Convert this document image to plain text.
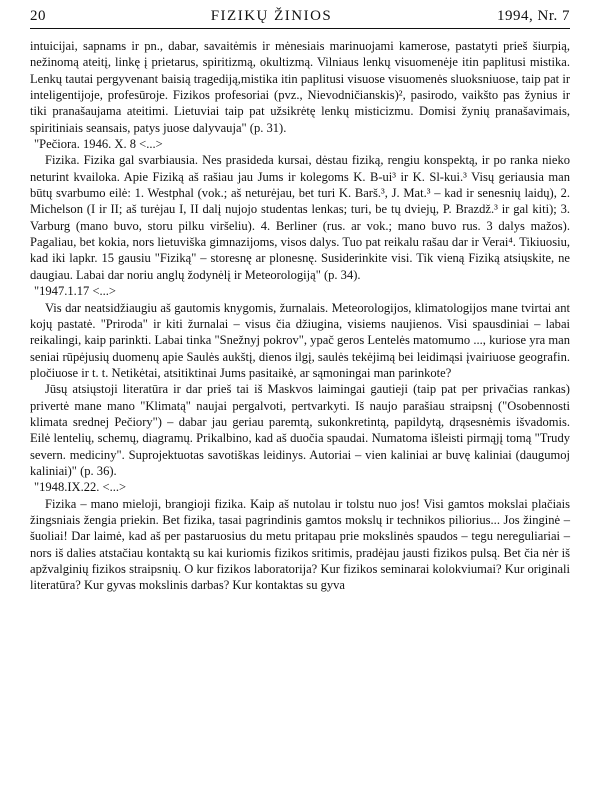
20	FIZIKŲ ŽINIOS	1994, Nr. 7

intuicijai, sapnams ir pn., dabar, savaitėmis ir mėnesiais marinuojami kamerose, pastatyti prieš šiurpią, nežinomą ateitį, linkę į prietarus, spiritizmą, okultizmą. Vilniaus lenkų visuomenėje itin paplitusi mistika. Lenkų tautai pergyvenant baisią tragediją,mistika itin paplitusi visuose visuomenės sluoksniuose, taip pat ir inteligentijoje, profesūroje. Fizikos profesoriai (pvz., Nievodničianskis)², pasirodo, vaikšto pas žynius ir tiki pranašaujama ateitimi. Lietuviai taip pat užsikrėtę lenkų misticizmu. Domisi žynių pranašavimais, spiritiniais seansais, patys juose dalyvauja" (p. 31).

"Pečiora. 1946. X. 8 <...>

Fizika. Fizika gal svarbiausia. Nes prasideda kursai, dėstau fiziką, rengiu konspektą, ir po ranka nieko neturint kvailoka. Apie Fiziką aš rašiau jau Jums ir kolegoms K. B-ui³ ir K. Sl-kui.³ Visų geriausia man būtų svarbumo eilė: 1. Westphal (vok.; aš neturėjau, bet turi K. Barš.³, J. Mat.³ – kad ir senesnių laidų), 2. Michelson (I ir II; aš turėjau I, II dalį nujojo studentas lenkas; turi, be tų dviejų, P. Brazdž.³ ir gal kiti); 3. Varburg (mano buvo, storu pilku viršeliu). 4. Berliner (rus. ar vok.; mano buvo rus. 3 dalys mažos). Pagaliau, bet kokia, nors lietuviška gimnazijoms, visos dalys. Tuo pat reikalu rašau dar ir Veraі⁴. Tikiuosiu, kad iki lapkr. 15 gausiu "Fiziką" – storesnę ar plonesnę. Susiderinkite visi. Tik vieną Fiziką atsiųskite, ne daugiau. Labai dar noriu anglų žodynėlį ir Meteorologiją" (p. 34).

"1947.1.17 <...>

Vis dar neatsidžiaugiu aš gautomis knygomis, žurnalais. Meteorologijos, klimatologijos mane tvirtai ant kojų pastatė. "Priroda" ir kiti žurnalai – visus čia džiugina, visiems naujienos. Visi spausdiniai – labai reikalingi, kaip parinkti. Labai tinka "Snežnyj pokrov", ypač geros Lentelės matomumo ..., kuriose yra man seniai rūpėjusių duomenų apie Saulės aukštį, dienos ilgį, saulės tekėjimą bei leidimąsi įvairiuose geografin. pločiuose ir t. t. Netikėtai, atsitiktinai Jums pasitaikė, ar sąmoningai man parinkote?

Jūsų atsiųstoji literatūra ir dar prieš tai iš Maskvos laimingai gautieji (taip pat per privačias rankas) privertė mane mano "Klimatą" naujai pergalvoti, pertvarkyti. Iš naujo parašiau straipsnį ("Osobennosti klimata srednej Pečiory") – dabar jau geriau paremtą, sukonkretintą, papildytą, drąsesnėmis išvadomis. Eilė lentelių, schemų, diagramų. Prikalbino, kad aš duočia spaudai. Numatoma išleisti pirmąjį tomą "Trudy severn. mediciny". Suprojektuotas savotiškas leidinys. Autoriai – vien kaliniai ar buvę kaliniai (daugumoj kaliniai)" (p. 36).

"1948.IX.22. <...>

Fizika – mano mieloji, brangioji fizika. Kaip aš nutolau ir tolstu nuo jos! Visi gamtos mokslai plačiais žingsniais žengia priekin. Bet fizika, tasai pagrindinis gamtos mokslų ir technikos piliorius... Jos žinginė – šuoliai! Dar laimė, kad aš per pastaruosius du metu pritapau prie mokslinės spaudos – tegu nereguliariai – nors iš dalies atstačiau kontaktą su kai kuriomis fizikos sritimis, pradėjau jausti fizikos pulsą. Bet čia nėr iš apžvalginių fizikos straipsnių. O kur fizikos laboratorija? Kur fizikos seminarai kolokviumai? Kur originali literatūra? Kur gyvas mokslinis darbas? Kur kontaktas su gyva
